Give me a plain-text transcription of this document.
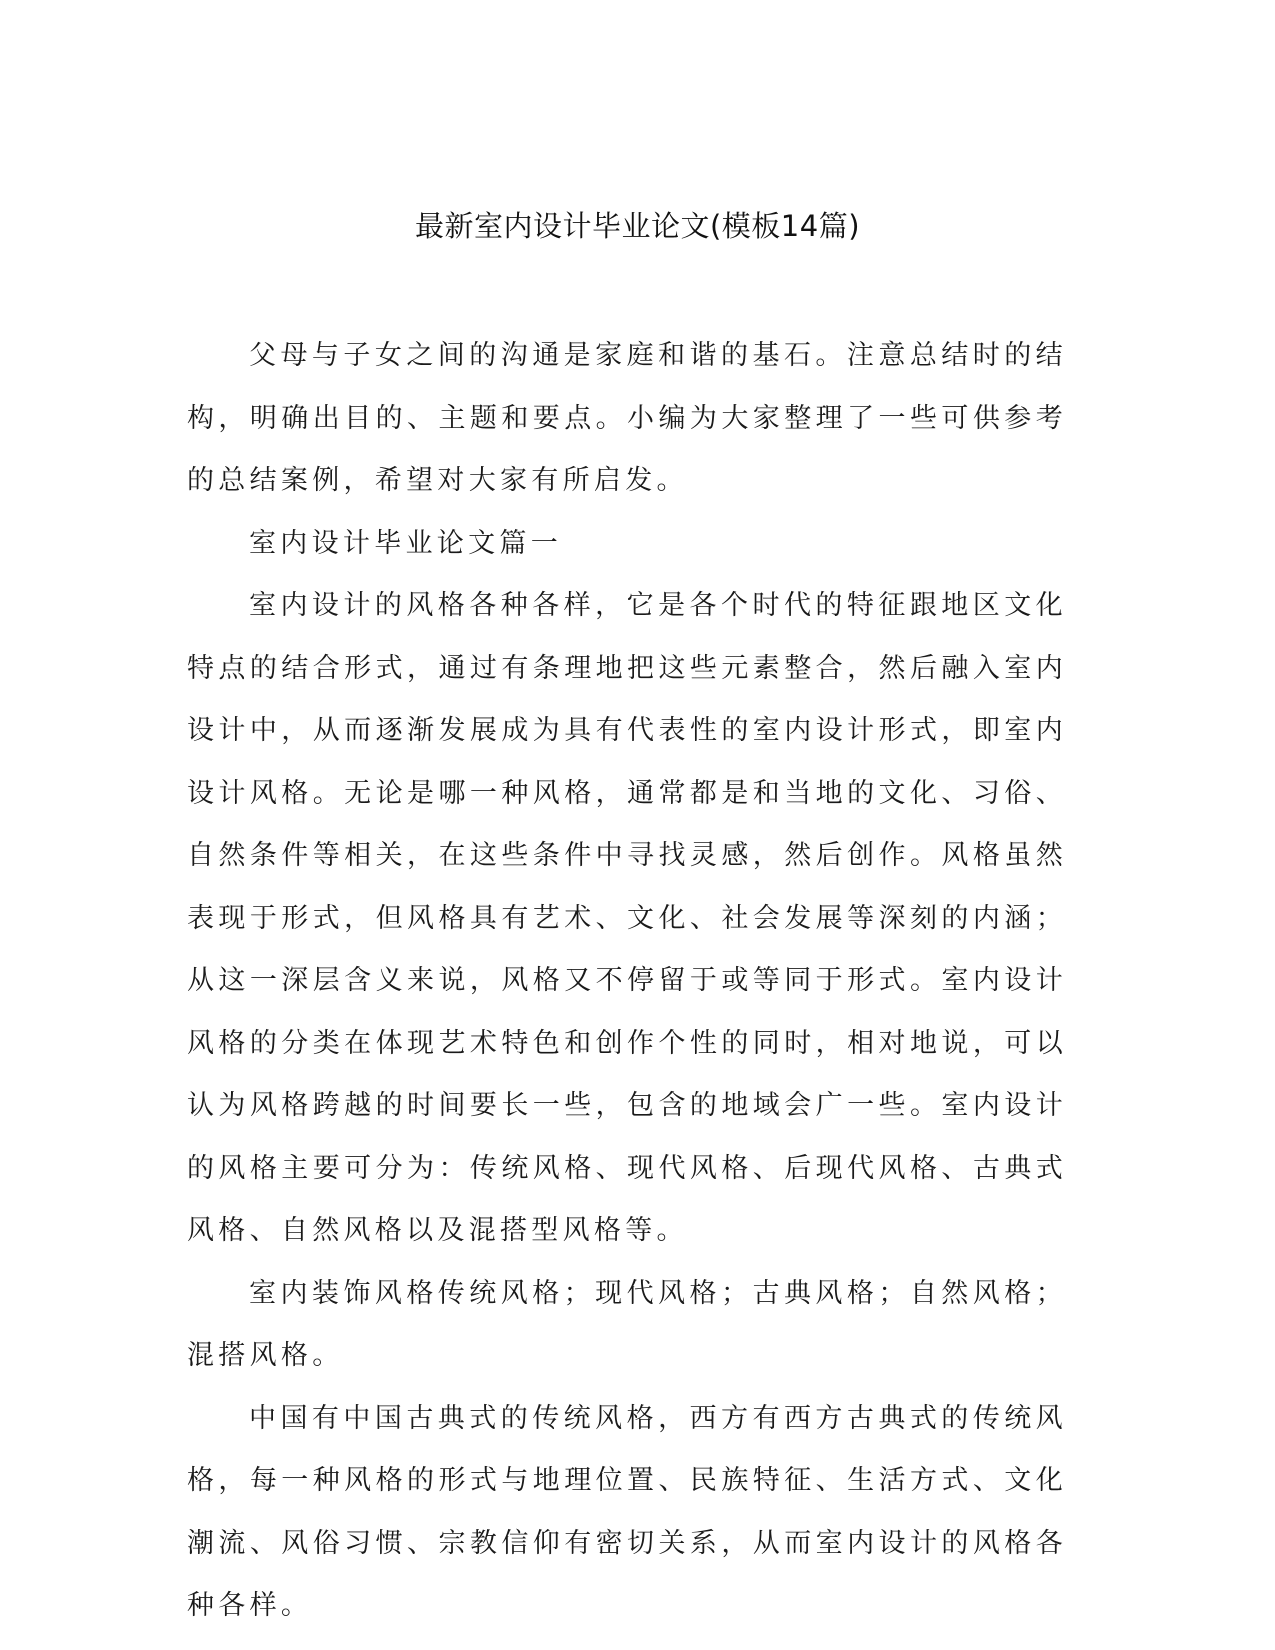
最新室内设计毕业论文(模板14篇)

父母与子女之间的沟通是家庭和谐的基石。注意总结时的结构，明确出目的、主题和要点。小编为大家整理了一些可供参考的总结案例，希望对大家有所启发。

室内设计毕业论文篇一

室内设计的风格各种各样，它是各个时代的特征跟地区文化特点的结合形式，通过有条理地把这些元素整合，然后融入室内设计中，从而逐渐发展成为具有代表性的室内设计形式，即室内设计风格。无论是哪一种风格，通常都是和当地的文化、习俗、自然条件等相关，在这些条件中寻找灵感，然后创作。风格虽然表现于形式，但风格具有艺术、文化、社会发展等深刻的内涵；从这一深层含义来说，风格又不停留于或等同于形式。室内设计风格的分类在体现艺术特色和创作个性的同时，相对地说，可以认为风格跨越的时间要长一些，包含的地域会广一些。室内设计的风格主要可分为：传统风格、现代风格、后现代风格、古典式风格、自然风格以及混搭型风格等。

室内装饰风格传统风格；现代风格；古典风格；自然风格；混搭风格。

中国有中国古典式的传统风格，西方有西方古典式的传统风格，每一种风格的形式与地理位置、民族特征、生活方式、文化潮流、风俗习惯、宗教信仰有密切关系，从而室内设计的风格各种各样。
